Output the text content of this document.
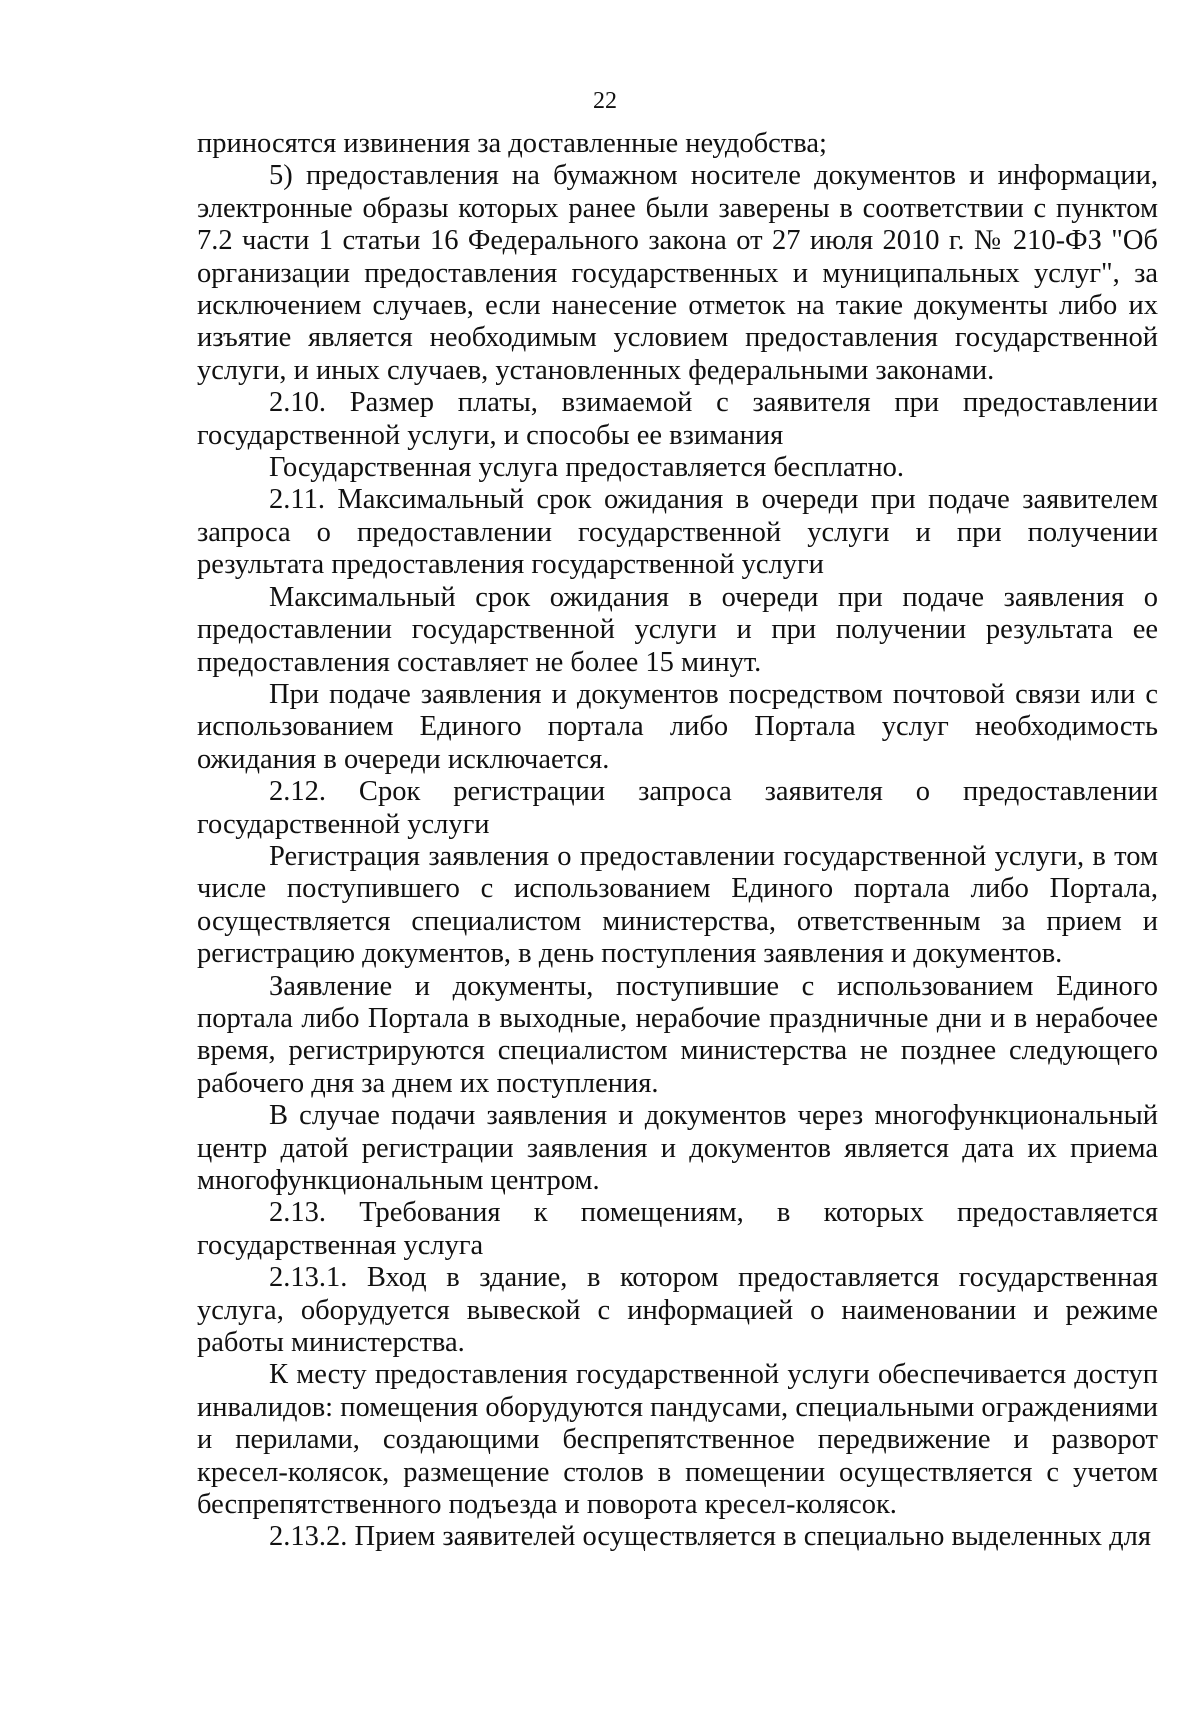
22

приносятся извинения за доставленные неудобства;

5) предоставления на бумажном носителе документов и информации, электронные образы которых ранее были заверены в соответствии с пунктом 7.2 части 1 статьи 16 Федерального закона от 27 июля 2010 г. № 210-ФЗ "Об организации предоставления государственных и муниципальных услуг", за исключением случаев, если нанесение отметок на такие документы либо их изъятие является необходимым условием предоставления государственной услуги, и иных случаев, установленных федеральными законами.

2.10. Размер платы, взимаемой с заявителя при предоставлении государственной услуги, и способы ее взимания

Государственная услуга предоставляется бесплатно.

2.11. Максимальный срок ожидания в очереди при подаче заявителем запроса о предоставлении государственной услуги и при получении результата предоставления государственной услуги

Максимальный срок ожидания в очереди при подаче заявления о предоставлении государственной услуги и при получении результата ее предоставления составляет не более 15 минут.

При подаче заявления и документов посредством почтовой связи или с использованием Единого портала либо Портала услуг необходимость ожидания в очереди исключается.

2.12. Срок регистрации запроса заявителя о предоставлении государственной услуги

Регистрация заявления о предоставлении государственной услуги, в том числе поступившего с использованием Единого портала либо Портала, осуществляется специалистом министерства, ответственным за прием и регистрацию документов, в день поступления заявления и документов.

Заявление и документы, поступившие с использованием Единого портала либо Портала в выходные, нерабочие праздничные дни и в нерабочее время, регистрируются специалистом министерства не позднее следующего рабочего дня за днем их поступления.

В случае подачи заявления и документов через многофункциональный центр датой регистрации заявления и документов является дата их приема многофункциональным центром.

2.13. Требования к помещениям, в которых предоставляется государственная услуга

2.13.1. Вход в здание, в котором предоставляется государственная услуга, оборудуется вывеской с информацией о наименовании и режиме работы министерства.

К месту предоставления государственной услуги обеспечивается доступ инвалидов: помещения оборудуются пандусами, специальными ограждениями и перилами, создающими беспрепятственное передвижение и разворот кресел-колясок, размещение столов в помещении осуществляется с учетом беспрепятственного подъезда и поворота кресел-колясок.

2.13.2. Прием заявителей осуществляется в специально выделенных для
